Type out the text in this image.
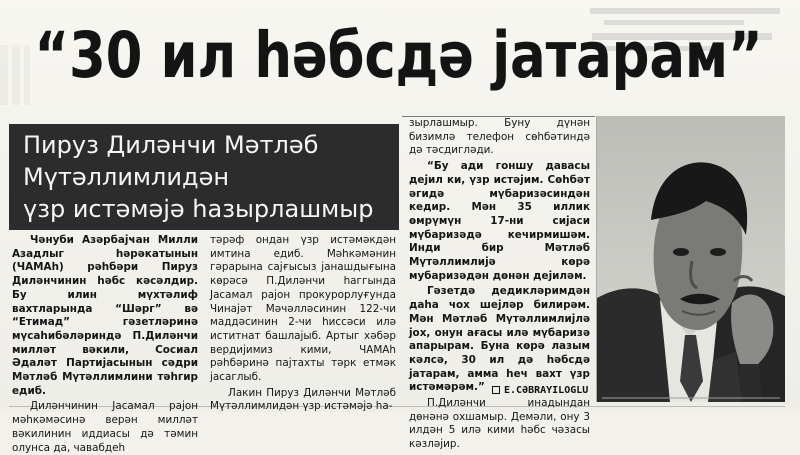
“30 ил һәбсдә јатарам”
Пируз Диләнчи Мәтләб
Мүтәллимлидән
үзр истәмәјә һазырлашмыр

Чәнуби Азәрбајҹан Милли Азадлыг һәрәкатынын (ЧАМАһ) рәһбәри Пируз Диләнчинин һәбс кәсәлдир. Бу илин мүхтәлиф вахтларында “Шәрг” вә “Етимад” гәзетләринә мүсаһибәләриндә П.Диләнчи милләт вәкили, Сосиал Әдаләт Партијасынын сәдри Мәтләб Мүтәллимлини тәһгир едиб.

Диләнчинин Јасамал рајон мәһкәмәсинә верән милләт вәкилинин иддиасы дә тәмин олунса да, чавабдеһ

тәрәф ондан үзр истәмәкдән имтина едиб. Мәһкәмәнин гәрарына сајғысыз јанашдығына көрәсә П.Диләнчи һаггында Јасамал рајон прокурорлуғунда Чинајәт Мәчәлләсинин 122-чи маддәсинин 2-чи һиссәси илә иститнат башлајыб. Артыг хәбәр вердијимиз кими, ЧАМАһ рәһбәринә пајтахты тәрк етмәк јасаглыб.

Лакин Пируз Диләнчи Мәтләб Мүтәллимлидән үзр истәмәјә һа-

зырлашмыр. Буну дүнән бизимлә телефон сөһбәтиндә дә тәсдигләди.

“Бу ади гоншу давасы дејил ки, үзр истәјим. Сөһбәт әгидә мүбаризәсиндән кедир. Мән 35 иллик өмрүмүн 17-ни сијаси мүбаризәдә кечирмишәм. Инди бир Мәтләб Мүтәллимлијә көрә мубаризәдән дөнән дејиләм.

Гәзетдә дедикләримдән даһа чох шејләр билирәм. Мән Мәтләб Мүтәллимлијлә јох, онун ағасы илә мүбаризә апарырам. Буна көрә лазым кәлсә, 30 ил дә һәбсдә јатарам, амма һеч вахт үзр истәмәрәм.”

П.Диләнчи инадындан дөнәнә охшамыр. Демәли, ону 3 илдән 5 илә кими һәбс чәзасы кәзләјир.

E.CƏBRAYILOGLU
